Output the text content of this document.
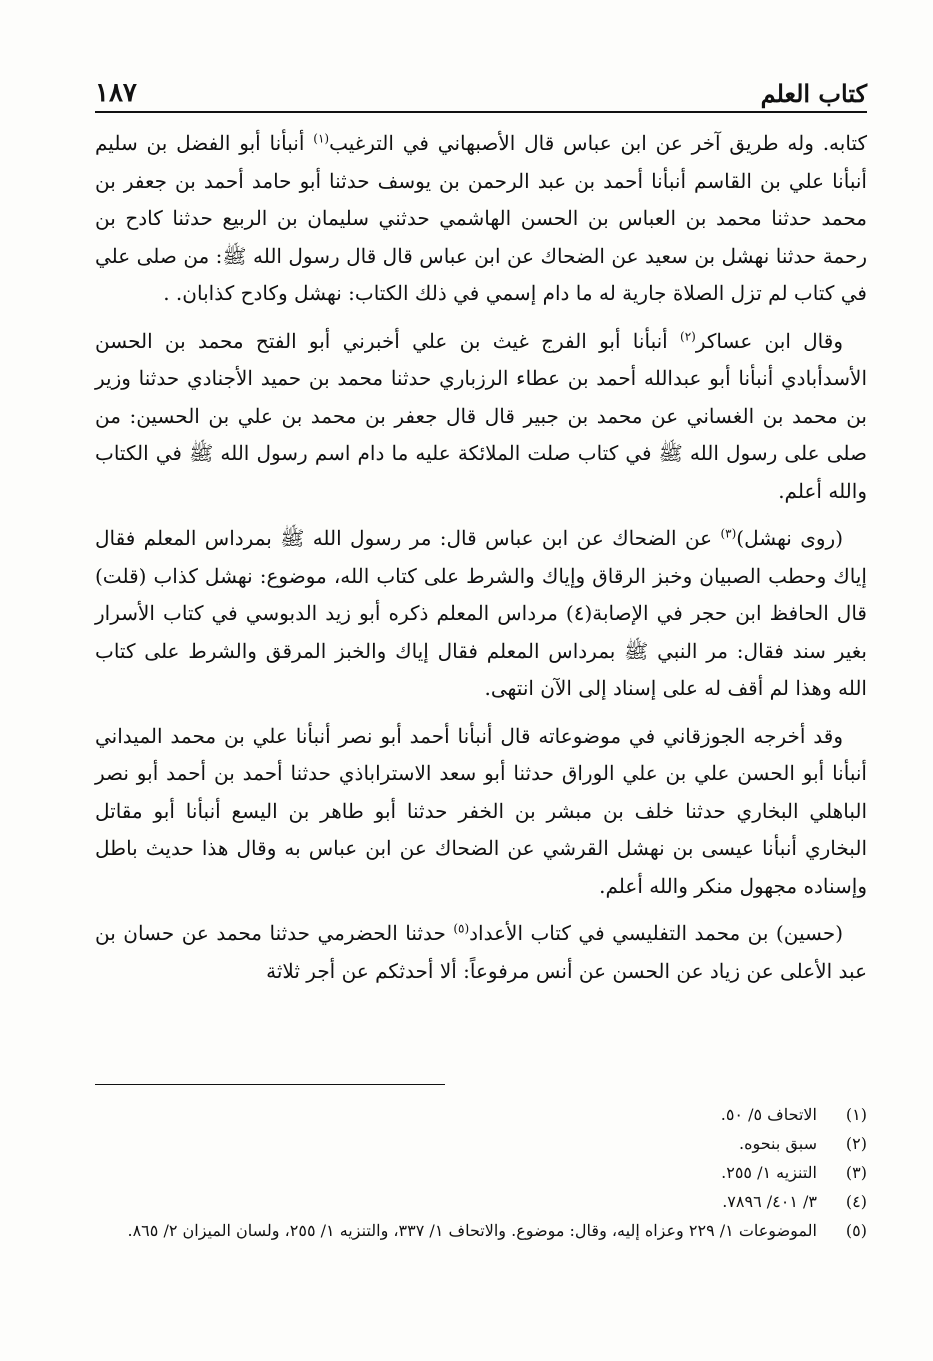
كتاب العلم
١٨٧

كتابه. وله طريق آخر عن ابن عباس قال الأصبهاني في الترغيب$^{(١)}$ أنبأنا أبو الفضل بن سليم أنبأنا علي بن القاسم أنبأنا أحمد بن عبد الرحمن بن يوسف حدثنا أبو حامد أحمد بن جعفر بن محمد حدثنا محمد بن العباس بن الحسن الهاشمي حدثني سليمان بن الربيع حدثنا كادح بن رحمة حدثنا نهشل بن سعيد عن الضحاك عن ابن عباس قال قال رسول الله ﷺ: من صلى علي في كتاب لم تزل الصلاة جارية له ما دام إسمي في ذلك الكتاب: نهشل وكادح كذابان. .

وقال ابن عساكر$^{(٢)}$ أنبأنا أبو الفرج غيث بن علي أخبرني أبو الفتح محمد بن الحسن الأسدأبادي أنبأنا أبو عبدالله أحمد بن عطاء الرزباري حدثنا محمد بن حميد الأجنادي حدثنا وزير بن محمد بن الغساني عن محمد بن جبير قال قال جعفر بن محمد بن علي بن الحسين: من صلى على رسول الله ﷺ في كتاب صلت الملائكة عليه ما دام اسم رسول الله ﷺ في الكتاب والله أعلم.

(روى نهشل)$^{(٣)}$ عن الضحاك عن ابن عباس قال: مر رسول الله ﷺ بمرداس المعلم فقال إياك وحطب الصبيان وخبز الرقاق وإياك والشرط على كتاب الله، موضوع: نهشل كذاب (قلت) قال الحافظ ابن حجر في الإصابة(٤) مرداس المعلم ذكره أبو زيد الدبوسي في كتاب الأسرار بغير سند فقال: مر النبي ﷺ بمرداس المعلم فقال إياك والخبز المرقق والشرط على كتاب الله وهذا لم أقف له على إسناد إلى الآن انتهى.

وقد أخرجه الجوزقاني في موضوعاته قال أنبأنا أحمد أبو نصر أنبأنا علي بن محمد الميداني أنبأنا أبو الحسن علي بن علي الوراق حدثنا أبو سعد الاستراباذي حدثنا أحمد بن أحمد أبو نصر الباهلي البخاري حدثنا خلف بن مبشر بن الخفر حدثنا أبو طاهر بن اليسع أنبأنا أبو مقاتل البخاري أنبأنا عيسى بن نهشل القرشي عن الضحاك عن ابن عباس به وقال هذا حديث باطل وإسناده مجهول منكر والله أعلم.

(حسين) بن محمد التفليسي في كتاب الأعداد$^{(٥)}$ حدثنا الحضرمي حدثنا محمد عن حسان بن عبد الأعلى عن زياد عن الحسن عن أنس مرفوعاً: ألا أحدثكم عن أجر ثلاثة

(١)
الاتحاف ٥/ ٥٠.
(٢)
سبق بنحوه.
(٣)
التنزيه ١/ ٢٥٥.
(٤)
٣/ ٤٠١/ ٧٨٩٦.
(٥)
الموضوعات ١/ ٢٢٩ وعزاه إليه، وقال: موضوع. والاتحاف ١/ ٣٣٧، والتنزيه ١/ ٢٥٥، ولسان الميزان ٢/ ٨٦٥.
